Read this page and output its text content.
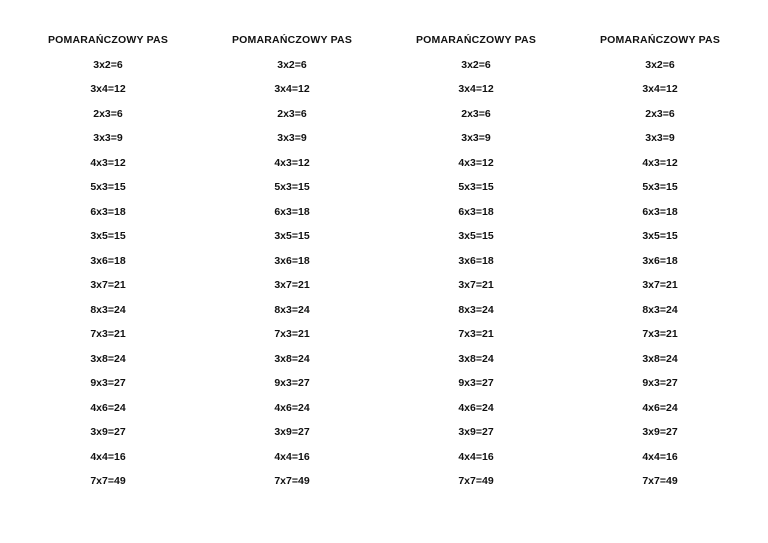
POMARAŃCZOWY PAS
3x2=6
3x4=12
2x3=6
3x3=9
4x3=12
5x3=15
6x3=18
3x5=15
3x6=18
3x7=21
8x3=24
7x3=21
3x8=24
9x3=27
4x6=24
3x9=27
4x4=16
7x7=49
POMARAŃCZOWY PAS
3x2=6
3x4=12
2x3=6
3x3=9
4x3=12
5x3=15
6x3=18
3x5=15
3x6=18
3x7=21
8x3=24
7x3=21
3x8=24
9x3=27
4x6=24
3x9=27
4x4=16
7x7=49
POMARAŃCZOWY PAS
3x2=6
3x4=12
2x3=6
3x3=9
4x3=12
5x3=15
6x3=18
3x5=15
3x6=18
3x7=21
8x3=24
7x3=21
3x8=24
9x3=27
4x6=24
3x9=27
4x4=16
7x7=49
POMARAŃCZOWY PAS
3x2=6
3x4=12
2x3=6
3x3=9
4x3=12
5x3=15
6x3=18
3x5=15
3x6=18
3x7=21
8x3=24
7x3=21
3x8=24
9x3=27
4x6=24
3x9=27
4x4=16
7x7=49
